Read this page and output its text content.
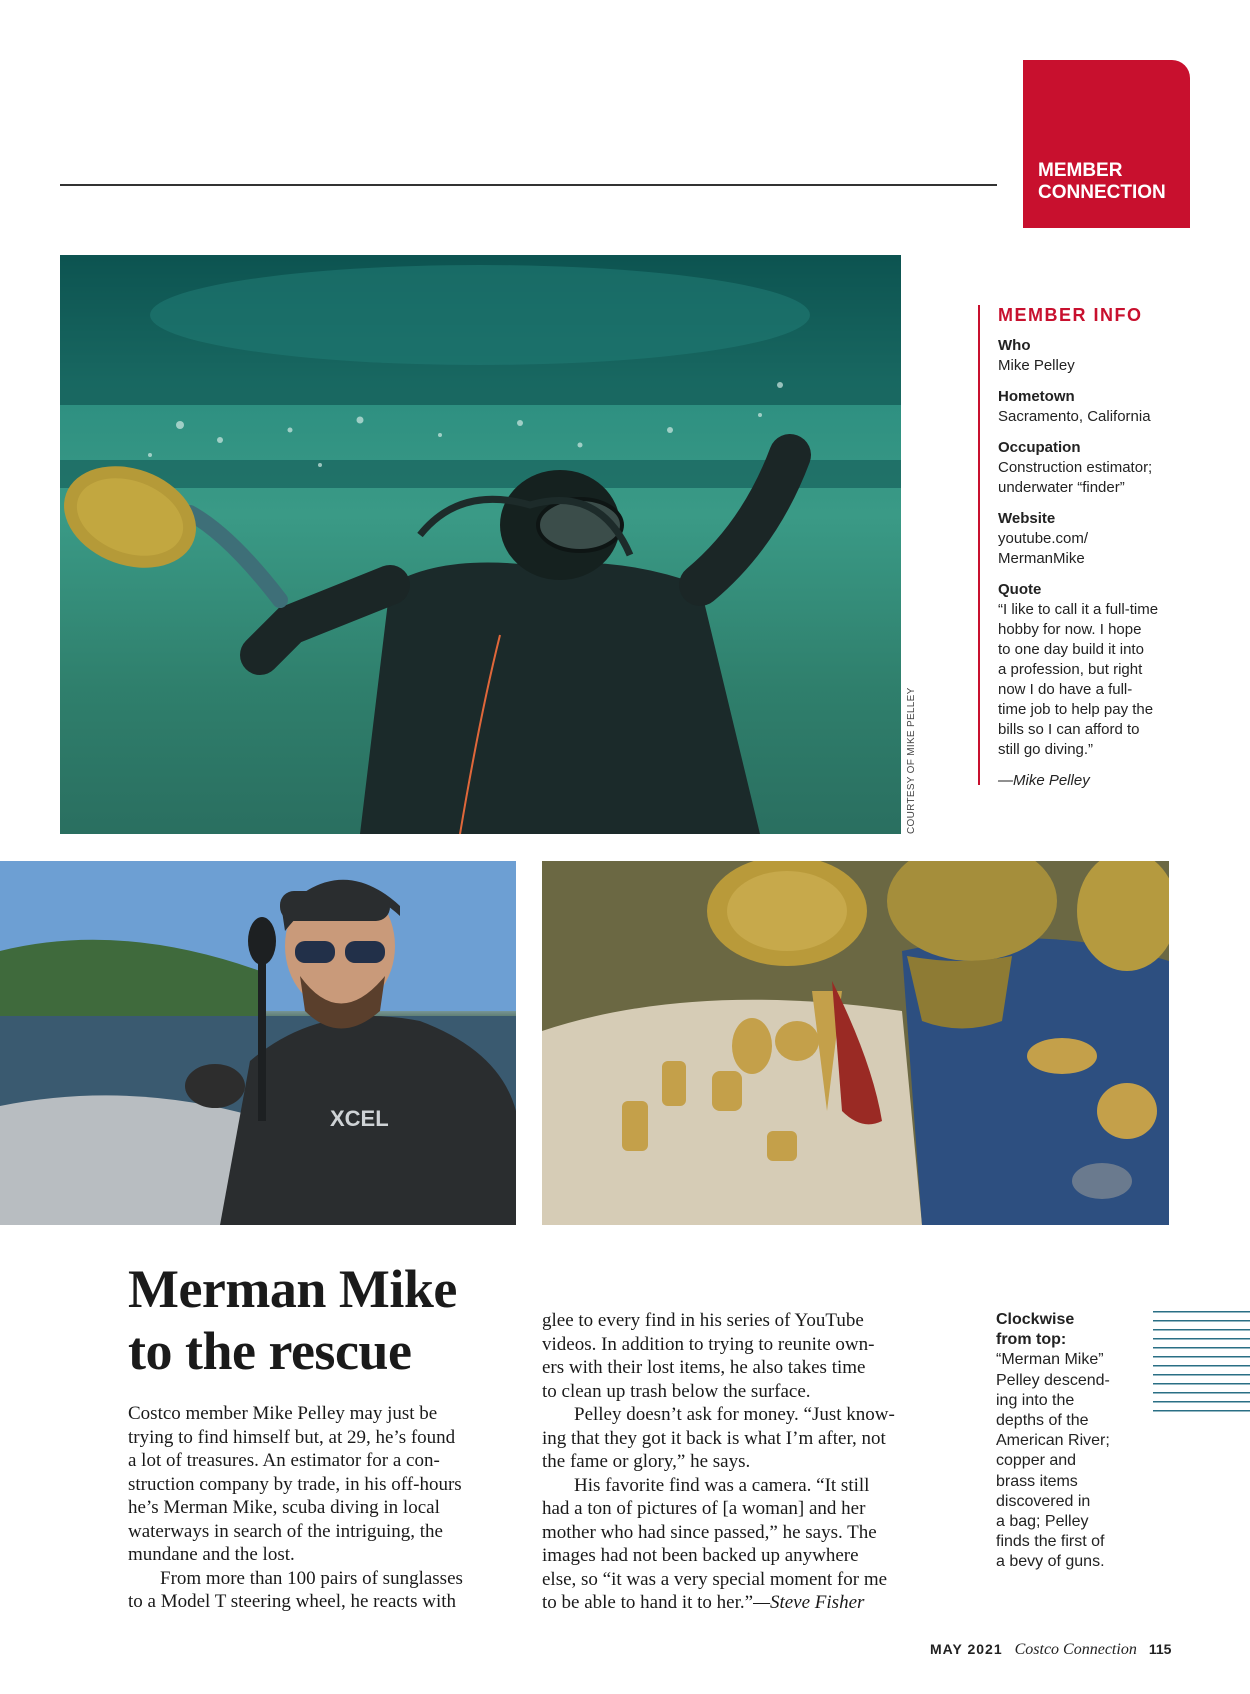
MEMBER
CONNECTION
COURTESY OF MIKE PELLEY
MEMBER INFO
Who
Mike Pelley
Hometown
Sacramento, California
Occupation
Construction estimator;
underwater “finder”
Website
youtube.com/
MermanMike
Quote
“I like to call it a full-time
hobby for now. I hope
to one day build it into
a profession, but right
now I do have a full-
time job to help pay the
bills so I can afford to
still go diving.”
—Mike Pelley
XCEL
Merman Mike
to the rescue

Costco member Mike Pelley may just be
trying to find himself but, at 29, he’s found
a lot of treasures. An estimator for a con-
struction company by trade, in his off-hours
he’s Merman Mike, scuba diving in local
waterways in search of the intriguing, the
mundane and the lost.

From more than 100 pairs of sunglasses
to a Model T steering wheel, he reacts with

glee to every find in his series of YouTube
videos. In addition to trying to reunite own-
ers with their lost items, he also takes time
to clean up trash below the surface.

Pelley doesn’t ask for money. “Just know-
ing that they got it back is what I’m after, not
the fame or glory,” he says.

His favorite find was a camera. “It still
had a ton of pictures of [a woman] and her
mother who had since passed,” he says. The
images had not been backed up anywhere
else, so “it was a very special moment for me
to be able to hand it to her.”—Steve Fisher

Clockwise
from top:
“Merman Mike”
Pelley descend-
ing into the
depths of the
American River;
copper and
brass items
discovered in
a bag; Pelley
finds the first of
a bevy of guns.
MAY 2021 Costco Connection 115
